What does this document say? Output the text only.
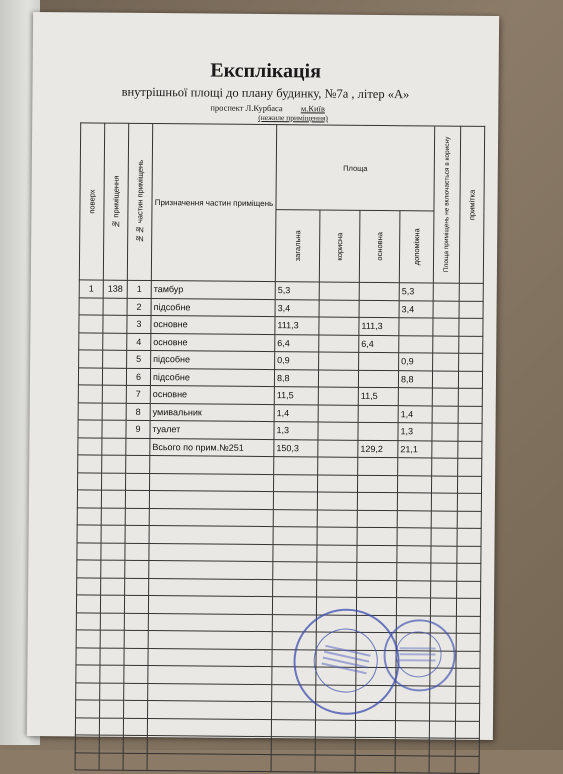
Експлікація
внутрішньої площі до плану будинку, №7а , літер «А»
проспект Л.Курбаса м.Київ
(нежиле приміщення)
поверх	№ приміщення	№№ частин приміщень	Призначення частин приміщень	Площа				Площа приміщень не включається в корисну	примітка

				загальна	корисна	основна	допоміжна		

1	138	1	тамбур	5,3			5,3		
		2	підсобне	3,4			3,4		
		3	основне	111,3		111,3			
		4	основне	6,4		6,4			
		5	підсобне	0,9			0,9		
		6	підсобне	8,8			8,8		
		7	основне	11,5		11,5			
		8	умивальник	1,4			1,4		
		9	туалет	1,3			1,3		
			Всього по прим.№251	150,3		129,2	21,1		
